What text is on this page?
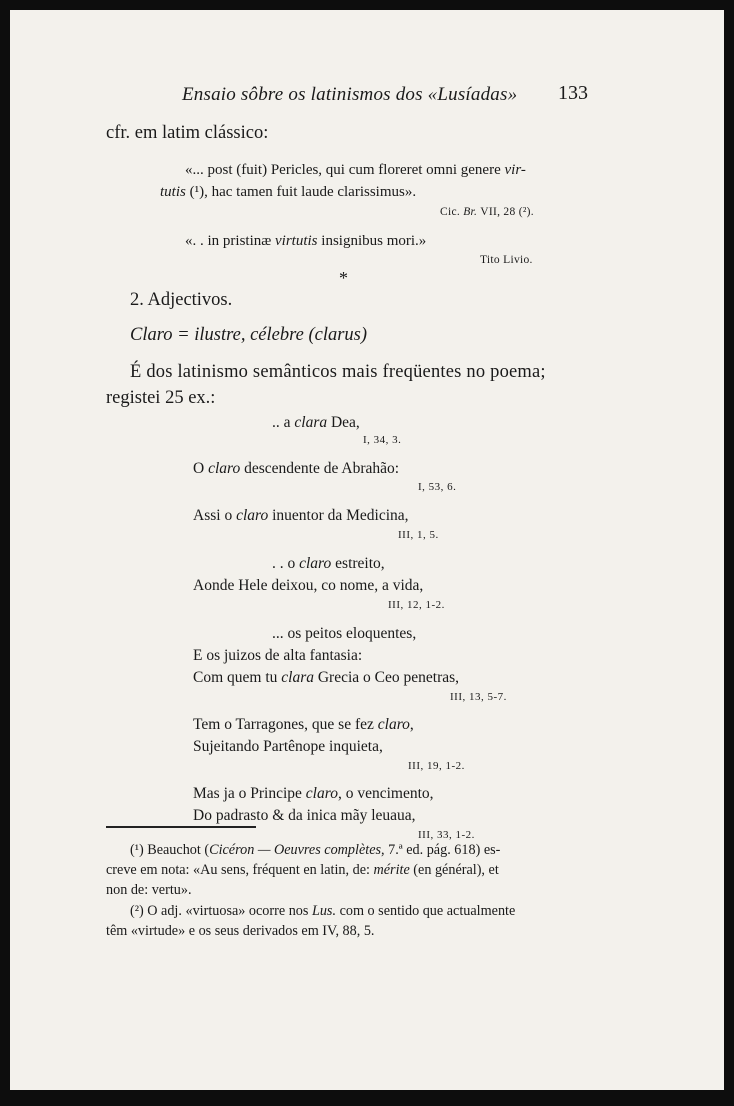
Ensaio sôbre os latinismos dos «Lusíadas» 133
cfr. em latim clássico:
«... post (fuit) Pericles, qui cum floreret omni genere vir-
tutis (¹), hac tamen fuit laude clarissimus».
Cic. Br. VII, 28 (²).
«. . in pristinæ virtutis insignibus mori.»
Tito Livio.
*
2. Adjectivos.
Claro = ilustre, célebre (clarus)
É dos latinismo semânticos mais freqüentes no poema;
registei 25 ex.:
.. a clara Dea,
I, 34, 3.
O claro descendente de Abrahão:
I, 53, 6.
Assi o claro inuentor da Medicina,
III, 1, 5.
. . o claro estreito,
Aonde Hele deixou, co nome, a vida,
III, 12, 1-2.
... os peitos eloquentes,
E os juizos de alta fantasia:
Com quem tu clara Grecia o Ceo penetras,
III, 13, 5-7.
Tem o Tarragones, que se fez claro,
Sujeitando Partênope inquieta,
III, 19, 1-2.
Mas ja o Principe claro, o vencimento,
Do padrasto & da inica mãy leuaua,
III, 33, 1-2.
(¹) Beauchot (Cicéron — Oeuvres complètes, 7.ª ed. pág. 618) es-
creve em nota: «Au sens, fréquent en latin, de: mérite (en général), et
non de: vertu».
(²) O adj. «virtuosa» ocorre nos Lus. com o sentido que actualmente
têm «virtude» e os seus derivados em IV, 88, 5.
